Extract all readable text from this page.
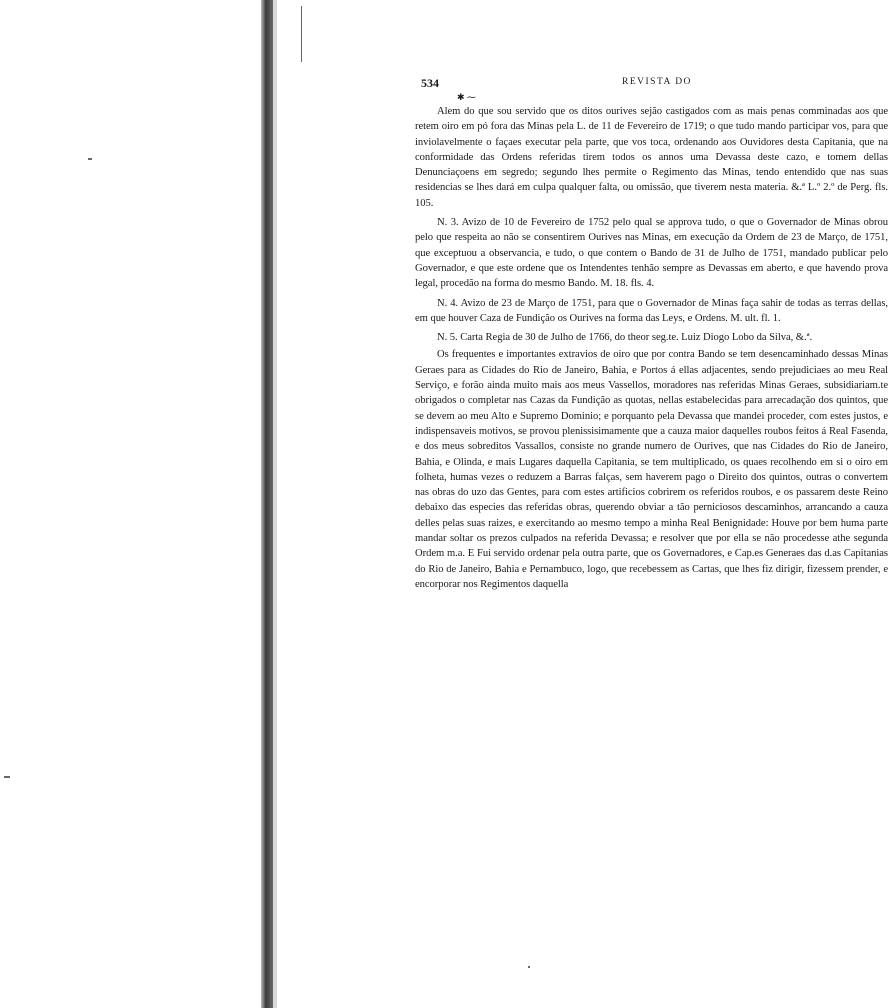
534	REVISTA DO
✱ ⁓

Alem do que sou servido que os ditos ourives sejão castigados com as mais penas comminadas aos que retem oiro em pó fora das Minas pela L. de 11 de Fevereiro de 1719; o que tudo mando participar vos, para que inviolavelmente o façaes executar pela parte, que vos toca, ordenando aos Ouvidores desta Capitania, que na conformidade das Ordens referidas tirem todos os annos uma Devassa deste cazo, e tomem dellas Denunciaçoens em segredo; segundo lhes permite o Regimento das Minas, tendo entendido que nas suas residencias se lhes dará em culpa qualquer falta, ou omissão, que tiverem nesta materia. &.ª L.º 2.º de Perg. fls. 105.

N. 3. Avizo de 10 de Fevereiro de 1752 pelo qual se approva tudo, o que o Governador de Minas obrou pelo que respeita ao não se consentirem Ourives nas Minas, em execução da Ordem de 23 de Março, de 1751, que exceptuou a observancia, e tudo, o que contem o Bando de 31 de Julho de 1751, mandado publicar pelo Governador, e que este ordene que os Intendentes tenhão sempre as Devassas em aberto, e que havendo prova legal, procedão na forma do mesmo Bando. M. 18. fls. 4.

N. 4. Avizo de 23 de Março de 1751, para que o Governador de Minas faça sahir de todas as terras dellas, em que houver Caza de Fundição os Ourives na forma das Leys, e Ordens. M. ult. fl. 1.

N. 5. Carta Regia de 30 de Julho de 1766, do theor seg.te. Luiz Diogo Lobo da Silva, &.ª.

Os frequentes e importantes extravios de oiro que por contra Bando se tem desencaminhado dessas Minas Geraes para as Cidades do Rio de Janeiro, Bahia, e Portos á ellas adjacentes, sendo prejudiciaes ao meu Real Serviço, e forão ainda muito mais aos meus Vassellos, moradores nas referidas Minas Geraes, subsidiariam.te obrigados o completar nas Cazas da Fundição as quotas, nellas estabelecidas para arrecadação dos quintos, que se devem ao meu Alto e Supremo Dominio; e porquanto pela Devassa que mandei proceder, com estes justos, e indispensaveis motivos, se provou plenissisimamente que a cauza maior daquelles roubos feitos á Real Fasenda, e dos meus sobreditos Vassallos, consiste no grande numero de Ourives, que nas Cidades do Rio de Janeiro, Bahia, e Olinda, e mais Lugares daquella Capitania, se tem multiplicado, os quaes recolhendo em si o oiro em folheta, humas vezes o reduzem a Barras falças, sem haverem pago o Direito dos quintos, outras o convertem nas obras do uzo das Gentes, para com estes artificios cobrirem os referidos roubos, e os passarem deste Reino debaixo das especies das referidas obras, querendo obviar a tão perniciosos descaminhos, arrancando a cauza delles pelas suas raizes, e exercitando ao mesmo tempo a minha Real Benignidade: Houve por bem huma parte mandar soltar os prezos culpados na referida Devassa; e resolver que por ella se não procedesse athe segunda Ordem m.a. E Fui servido ordenar pela outra parte, que os Governadores, e Cap.es Generaes das d.as Capitanias do Rio de Janeiro, Bahia e Pernambuco, logo, que recebessem as Cartas, que lhes fiz dirigir, fizessem prender, e encorporar nos Regimentos daquella
